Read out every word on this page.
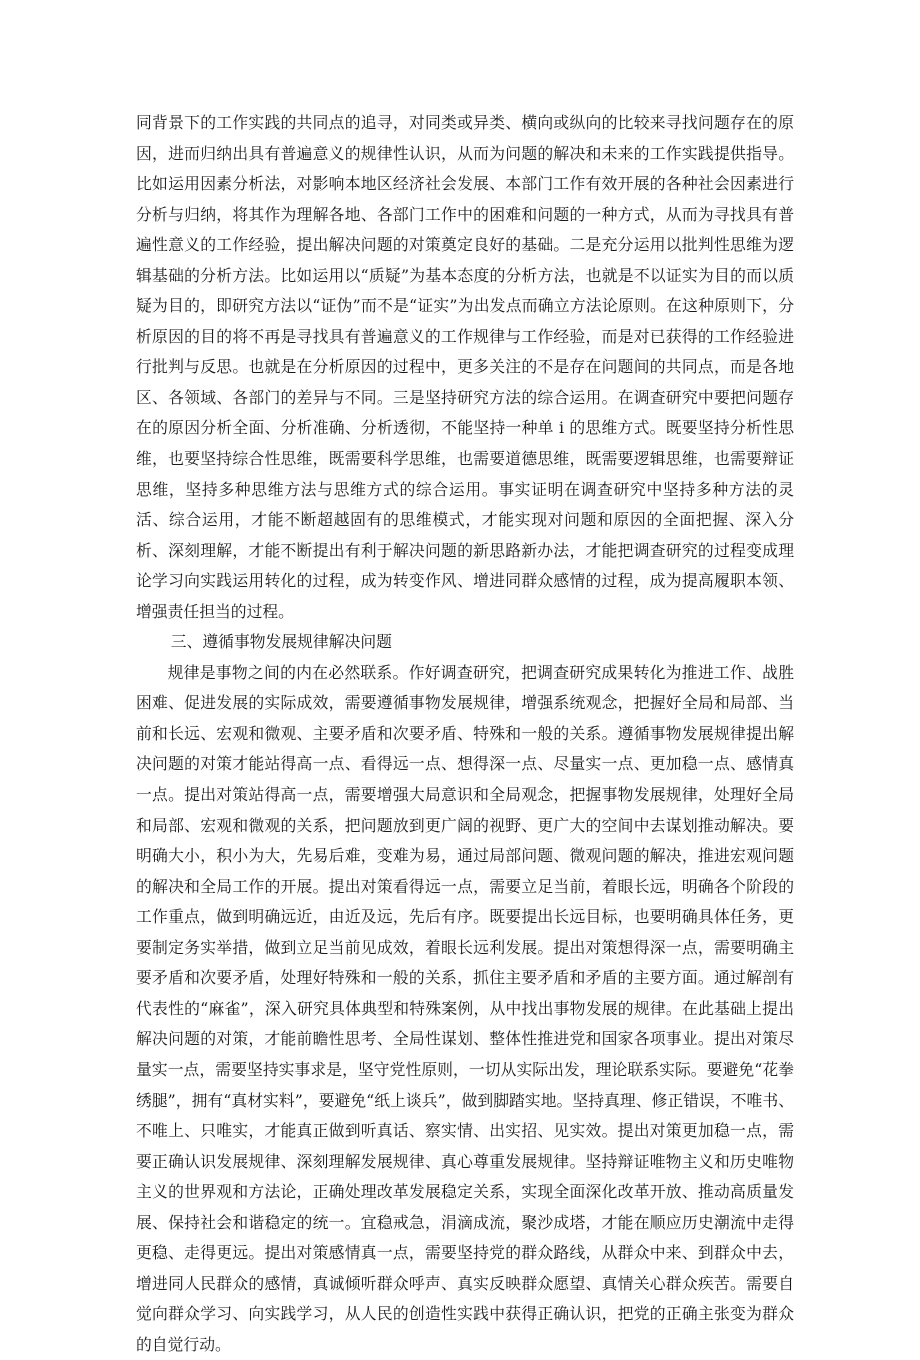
同背景下的工作实践的共同点的追寻，对同类或异类、横向或纵向的比较来寻找问题存在的原因，进而归纳出具有普遍意义的规律性认识，从而为问题的解决和未来的工作实践提供指导。比如运用因素分析法，对影响本地区经济社会发展、本部门工作有效开展的各种社会因素进行分析与归纳，将其作为理解各地、各部门工作中的困难和问题的一种方式，从而为寻找具有普遍性意义的工作经验，提出解决问题的对策奠定良好的基础。二是充分运用以批判性思维为逻辑基础的分析方法。比如运用以“质疑”为基本态度的分析方法，也就是不以证实为目的而以质疑为目的，即研究方法以“证伪”而不是“证实”为出发点而确立方法论原则。在这种原则下，分析原因的目的将不再是寻找具有普遍意义的工作规律与工作经验，而是对已获得的工作经验进行批判与反思。也就是在分析原因的过程中，更多关注的不是存在问题间的共同点，而是各地区、各领域、各部门的差异与不同。三是坚持研究方法的综合运用。在调查研究中要把问题存在的原因分析全面、分析准确、分析透彻，不能坚持一种单 i 的思维方式。既要坚持分析性思维，也要坚持综合性思维，既需要科学思维，也需要道德思维，既需要逻辑思维，也需要辩证思维，坚持多种思维方法与思维方式的综合运用。事实证明在调查研究中坚持多种方法的灵活、综合运用，才能不断超越固有的思维模式，才能实现对问题和原因的全面把握、深入分析、深刻理解，才能不断提出有利于解决问题的新思路新办法，才能把调查研究的过程变成理论学习向实践运用转化的过程，成为转变作风、增进同群众感情的过程，成为提高履职本领、增强责任担当的过程。

三、遵循事物发展规律解决问题

规律是事物之间的内在必然联系。作好调查研究，把调查研究成果转化为推进工作、战胜困难、促进发展的实际成效，需要遵循事物发展规律，增强系统观念，把握好全局和局部、当前和长远、宏观和微观、主要矛盾和次要矛盾、特殊和一般的关系。遵循事物发展规律提出解决问题的对策才能站得高一点、看得远一点、想得深一点、尽量实一点、更加稳一点、感情真一点。提出对策站得高一点，需要增强大局意识和全局观念，把握事物发展规律，处理好全局和局部、宏观和微观的关系，把问题放到更广阔的视野、更广大的空间中去谋划推动解决。要明确大小，积小为大，先易后难，变难为易，通过局部问题、微观问题的解决，推进宏观问题的解决和全局工作的开展。提出对策看得远一点，需要立足当前，着眼长远，明确各个阶段的工作重点，做到明确远近，由近及远，先后有序。既要提出长远目标，也要明确具体任务，更要制定务实举措，做到立足当前见成效，着眼长远利发展。提出对策想得深一点，需要明确主要矛盾和次要矛盾，处理好特殊和一般的关系，抓住主要矛盾和矛盾的主要方面。通过解剖有代表性的“麻雀”，深入研究具体典型和特殊案例，从中找出事物发展的规律。在此基础上提出解决问题的对策，才能前瞻性思考、全局性谋划、整体性推进党和国家各项事业。提出对策尽量实一点，需要坚持实事求是，坚守党性原则，一切从实际出发，理论联系实际。要避免“花拳绣腿”，拥有“真材实料”，要避免“纸上谈兵”，做到脚踏实地。坚持真理、修正错误，不唯书、不唯上、只唯实，才能真正做到听真话、察实情、出实招、见实效。提出对策更加稳一点，需要正确认识发展规律、深刻理解发展规律、真心尊重发展规律。坚持辩证唯物主义和历史唯物主义的世界观和方法论，正确处理改革发展稳定关系，实现全面深化改革开放、推动高质量发展、保持社会和谐稳定的统一。宜稳戒急，涓滴成流，聚沙成塔，才能在顺应历史潮流中走得更稳、走得更远。提出对策感情真一点，需要坚持党的群众路线，从群众中来、到群众中去，增进同人民群众的感情，真诚倾听群众呼声、真实反映群众愿望、真情关心群众疾苦。需要自觉向群众学习、向实践学习，从人民的创造性实践中获得正确认识，把党的正确主张变为群众的自觉行动。
